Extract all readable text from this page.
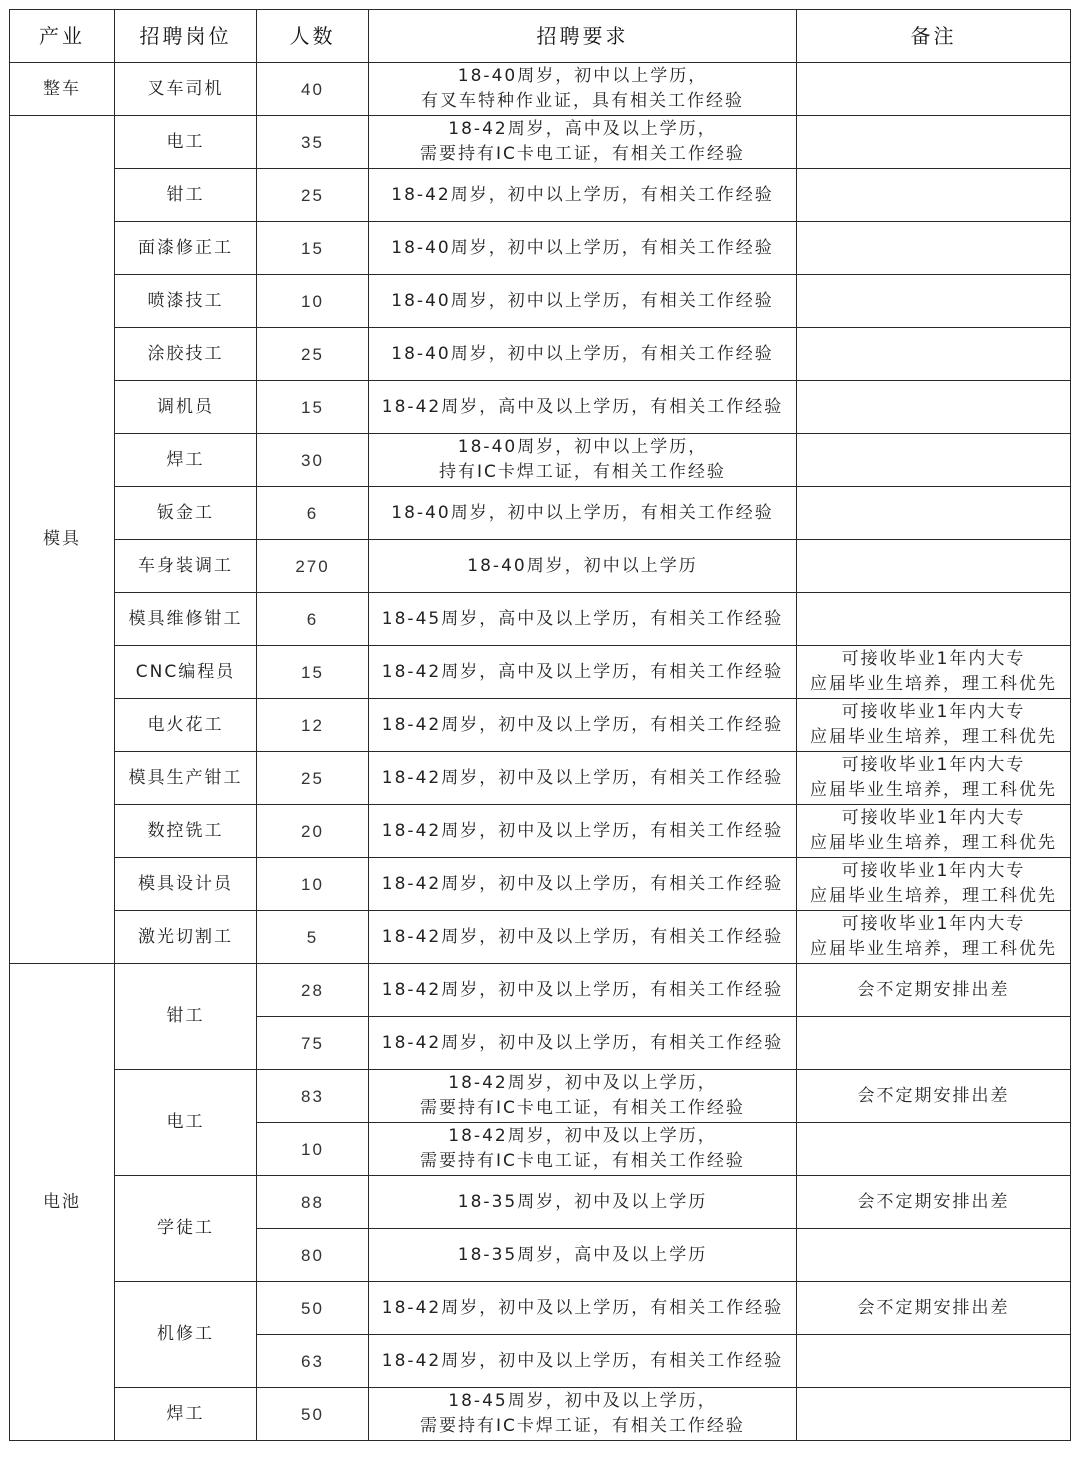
产业	招聘岗位	人数	招聘要求	备注
整车	叉车司机	40	18-40周岁，初中以上学历，
有叉车特种作业证，具有相关工作经验	

模具	电工	35	18-42周岁，高中及以上学历，
需要持有IC卡电工证，有相关工作经验	

	钳工	25	18-42周岁，初中以上学历，有相关工作经验	

	面漆修正工	15	18-40周岁，初中以上学历，有相关工作经验	

	喷漆技工	10	18-40周岁，初中以上学历，有相关工作经验	

	涂胶技工	25	18-40周岁，初中以上学历，有相关工作经验	

	调机员	15	18-42周岁，高中及以上学历，有相关工作经验	

	焊工	30	18-40周岁，初中以上学历，
持有IC卡焊工证，有相关工作经验	

	钣金工	6	18-40周岁，初中以上学历，有相关工作经验	

	车身装调工	270	18-40周岁，初中以上学历	

	模具维修钳工	6	18-45周岁，高中及以上学历，有相关工作经验	

	CNC编程员	15	18-42周岁，高中及以上学历，有相关工作经验	可接收毕业1年内大专
应届毕业生培养，理工科优先

	电火花工	12	18-42周岁，初中及以上学历，有相关工作经验	可接收毕业1年内大专
应届毕业生培养，理工科优先

	模具生产钳工	25	18-42周岁，初中及以上学历，有相关工作经验	可接收毕业1年内大专
应届毕业生培养，理工科优先

	数控铣工	20	18-42周岁，初中及以上学历，有相关工作经验	可接收毕业1年内大专
应届毕业生培养，理工科优先

	模具设计员	10	18-42周岁，初中及以上学历，有相关工作经验	可接收毕业1年内大专
应届毕业生培养，理工科优先

	激光切割工	5	18-42周岁，初中及以上学历，有相关工作经验	可接收毕业1年内大专
应届毕业生培养，理工科优先

电池	钳工	28	18-42周岁，初中及以上学历，有相关工作经验	会不定期安排出差

		75	18-42周岁，初中及以上学历，有相关工作经验	

	电工	83	18-42周岁，初中及以上学历，
需要持有IC卡电工证，有相关工作经验	会不定期安排出差

		10	18-42周岁，初中及以上学历，
需要持有IC卡电工证，有相关工作经验	

	学徒工	88	18-35周岁，初中及以上学历	会不定期安排出差

		80	18-35周岁，高中及以上学历	

	机修工	50	18-42周岁，初中及以上学历，有相关工作经验	会不定期安排出差

		63	18-42周岁，初中及以上学历，有相关工作经验	

	焊工	50	18-45周岁，初中及以上学历，
需要持有IC卡焊工证，有相关工作经验	
